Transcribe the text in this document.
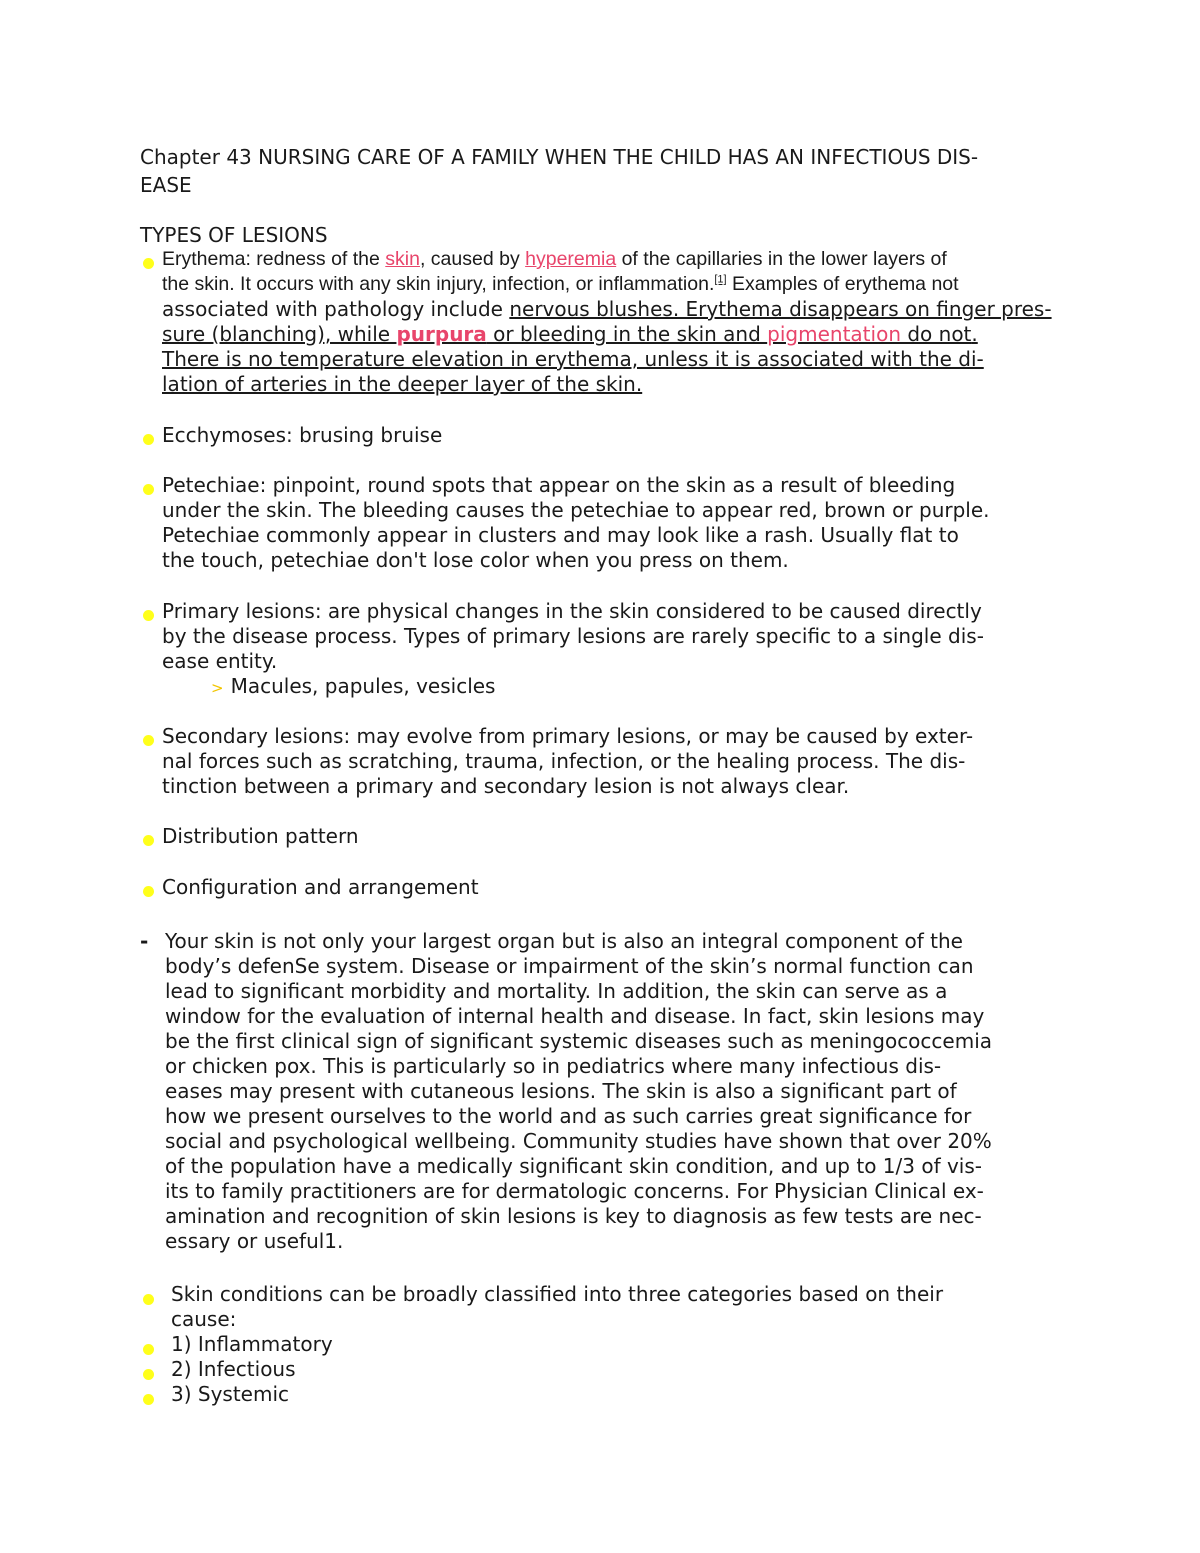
Chapter 43 NURSING CARE OF A FAMILY WHEN THE CHILD HAS AN INFECTIOUS DIS-
EASE
TYPES OF LESIONS
Erythema: redness of the skin, caused by hyperemia of the capillaries in the lower layers of
the skin. It occurs with any skin injury, infection, or inflammation.[1] Examples of erythema not
associated with pathology include nervous blushes. Erythema disappears on finger pres-
sure (blanching), while purpura or bleeding in the skin and pigmentation do not.
There is no temperature elevation in erythema, unless it is associated with the di-
lation of arteries in the deeper layer of the skin.
Ecchymoses: brusing bruise
Petechiae: pinpoint, round spots that appear on the skin as a result of bleeding
under the skin. The bleeding causes the petechiae to appear red, brown or purple.
Petechiae commonly appear in clusters and may look like a rash. Usually flat to
the touch, petechiae don't lose color when you press on them.
Primary lesions: are physical changes in the skin considered to be caused directly
by the disease process. Types of primary lesions are rarely specific to a single dis-
ease entity.
> Macules, papules, vesicles
Secondary lesions: may evolve from primary lesions, or may be caused by exter-
nal forces such as scratching, trauma, infection, or the healing process. The dis-
tinction between a primary and secondary lesion is not always clear.
Distribution pattern
Configuration and arrangement
- Your skin is not only your largest organ but is also an integral component of the
body’s defenSe system. Disease or impairment of the skin’s normal function can
lead to significant morbidity and mortality. In addition, the skin can serve as a
window for the evaluation of internal health and disease. In fact, skin lesions may
be the first clinical sign of significant systemic diseases such as meningococcemia
or chicken pox. This is particularly so in pediatrics where many infectious dis-
eases may present with cutaneous lesions. The skin is also a significant part of
how we present ourselves to the world and as such carries great significance for
social and psychological wellbeing. Community studies have shown that over 20%
of the population have a medically significant skin condition, and up to 1/3 of vis-
its to family practitioners are for dermatologic concerns. For Physician Clinical ex-
amination and recognition of skin lesions is key to diagnosis as few tests are nec-
essary or useful1.
Skin conditions can be broadly classified into three categories based on their
cause:
1) Inflammatory
2) Infectious
3) Systemic
